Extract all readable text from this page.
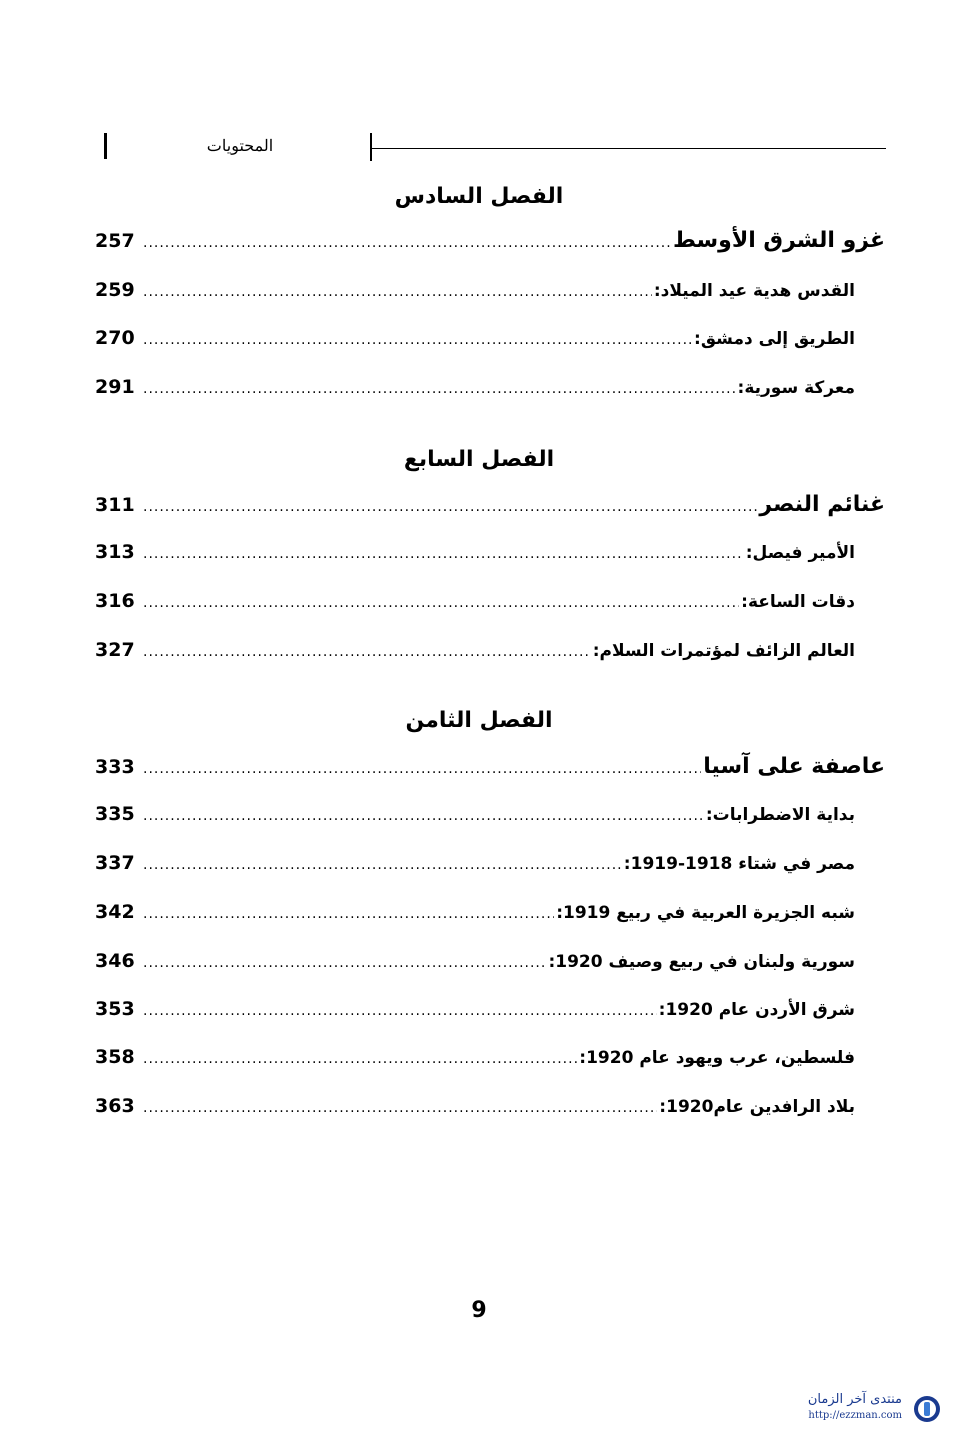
المحتويات
الفصل السادس
257 .....	غزو الشرق الأوسط
259 .....	القدس هدية عيد الميلاد:
270 .....	الطريق إلى دمشق:
291 .....	معركة سورية:
الفصل السابع
311 .....	غنائم النصر
313 .....	الأمير فيصل:
316 .....	دقات الساعة:
327 .....	العالم الزائف لمؤتمرات السلام:
الفصل الثامن
333 .....	عاصفة على آسيا
335 .....	بداية الاضطرابات:
337 .....	مصر في شتاء 1918-1919:
342 .....	شبه الجزيرة العربية في ربيع 1919:
346 .....	سورية ولبنان في ربيع وصيف 1920:
353 .....	شرق الأردن عام 1920:
358 .....	فلسطين، عرب ويهود عام 1920:
363 .....	بلاد الرافدين عام1920:
9
منتدى آخر الزمان
http://ezzman.com
